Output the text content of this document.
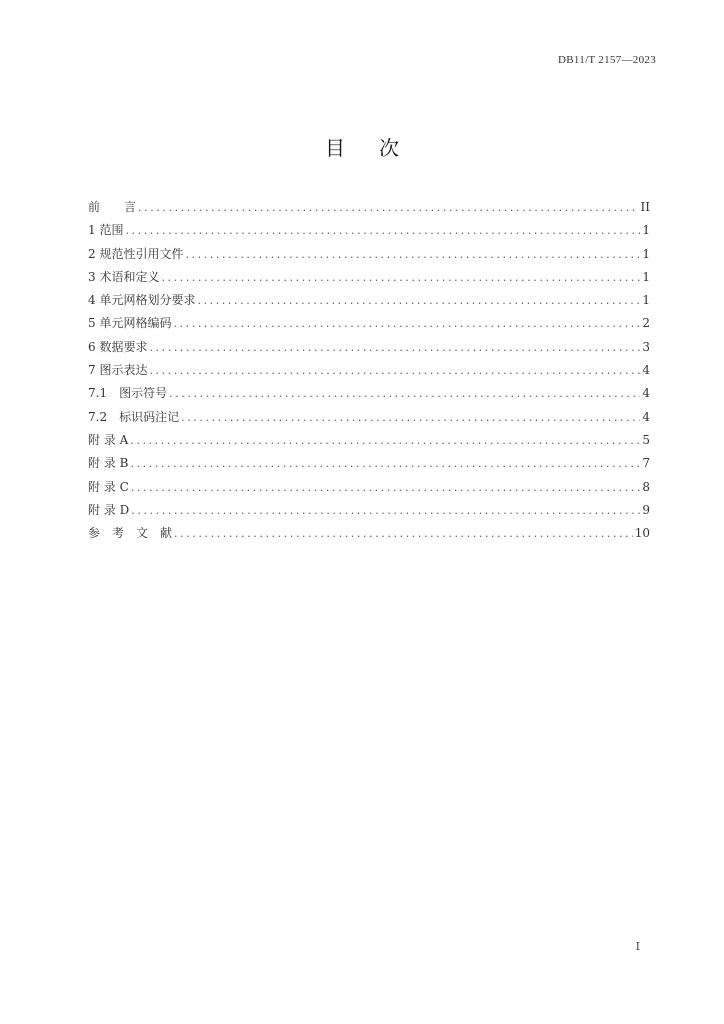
DB11/T 2157—2023
目 次
前　　言 .....	II
1 范围 .....	1
2 规范性引用文件 .....	1
3 术语和定义 .....	1
4 单元网格划分要求 .....	1
5 单元网格编码 .....	2
6 数据要求 .....	3
7 图示表达 .....	4
7.1　图示符号 .....	4
7.2　标识码注记 .....	4
附 录 A .....	5
附 录 B .....	7
附 录 C .....	8
附 录 D .....	9
参　考　文　献 .....	10
I
